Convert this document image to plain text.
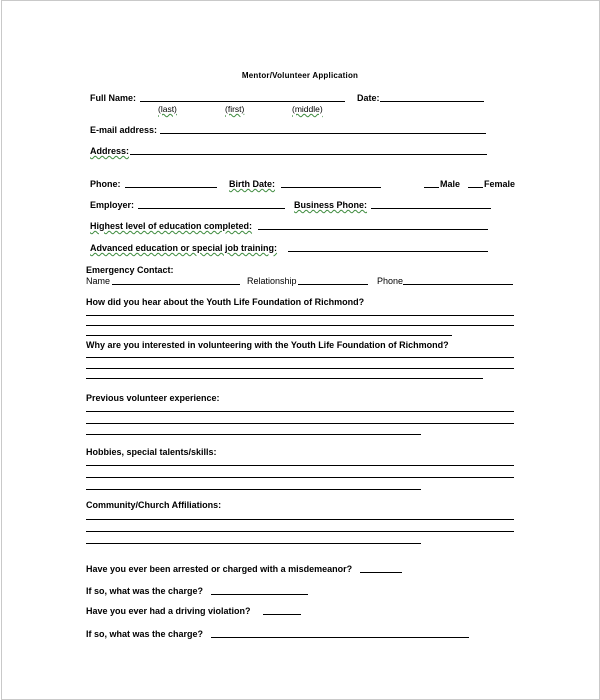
Mentor/Volunteer Application
Full Name:	Date:
(last)	(first)	(middle)
E-mail address:
Address:
Phone:	Birth Date:	Male	Female
Employer:	Business Phone:
Highest level of education completed:
Advanced education or special job training:
Emergency Contact:
Name	Relationship	Phone
How did you hear about the Youth Life Foundation of Richmond?
Why are you interested in volunteering with the Youth Life Foundation of Richmond?
Previous volunteer experience:
Hobbies, special talents/skills:
Community/Church Affiliations:
Have you ever been arrested or charged with a misdemeanor?
If so, what was the charge?
Have you ever had a driving violation?
If so, what was the charge?
